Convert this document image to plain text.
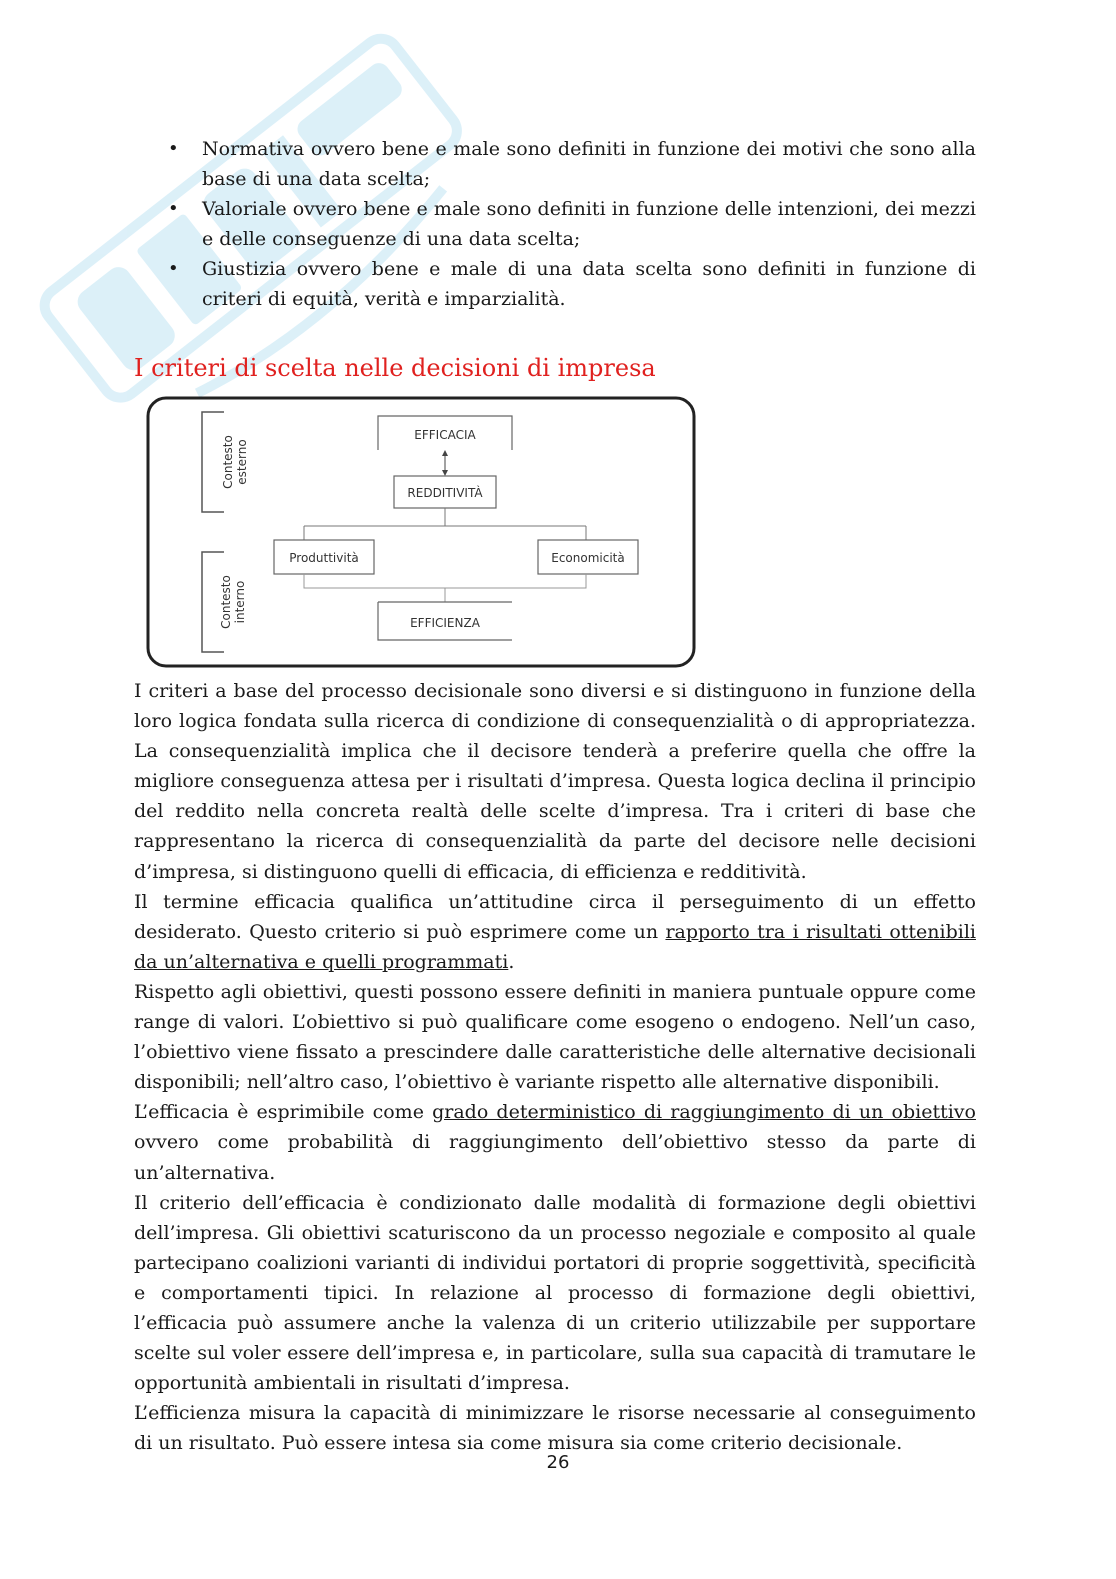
• Normativa ovvero bene e male sono definiti in funzione dei motivi che sono alla base di una data scelta;
• Valoriale ovvero bene e male sono definiti in funzione delle intenzioni, dei mezzi e delle conseguenze di una data scelta;
• Giustizia ovvero bene e male di una data scelta sono definiti in funzione di criteri di equità, verità e imparzialità.
I criteri di scelta nelle decisioni di impresa
Contesto esterno
Contesto interno
EFFICACIA
REDDITIVITÀ
Produttività	Economicità
EFFICIENZA

I criteri a base del processo decisionale sono diversi e si distinguono in funzione della loro logica fondata sulla ricerca di condizione di consequenzialità o di appropriatezza. La consequenzialità implica che il decisore tenderà a preferire quella che offre la migliore conseguenza attesa per i risultati d’impresa. Questa logica declina il principio del reddito nella concreta realtà delle scelte d’impresa. Tra i criteri di base che rappresentano la ricerca di consequenzialità da parte del decisore nelle decisioni d’impresa, si distinguono quelli di efficacia, di efficienza e redditività.

Il termine efficacia qualifica un’attitudine circa il perseguimento di un effetto desiderato. Questo criterio si può esprimere come un rapporto tra i risultati ottenibili da un’alternativa e quelli programmati.

Rispetto agli obiettivi, questi possono essere definiti in maniera puntuale oppure come range di valori. L’obiettivo si può qualificare come esogeno o endogeno. Nell’un caso, l’obiettivo viene fissato a prescindere dalle caratteristiche delle alternative decisionali disponibili; nell’altro caso, l’obiettivo è variante rispetto alle alternative disponibili.

L’efficacia è esprimibile come grado deterministico di raggiungimento di un obiettivo ovvero come probabilità di raggiungimento dell’obiettivo stesso da parte di un’alternativa.

Il criterio dell’efficacia è condizionato dalle modalità di formazione degli obiettivi dell’impresa. Gli obiettivi scaturiscono da un processo negoziale e composito al quale partecipano coalizioni varianti di individui portatori di proprie soggettività, specificità e comportamenti tipici. In relazione al processo di formazione degli obiettivi, l’efficacia può assumere anche la valenza di un criterio utilizzabile per supportare scelte sul voler essere dell’impresa e, in particolare, sulla sua capacità di tramutare le opportunità ambientali in risultati d’impresa.

L’efficienza misura la capacità di minimizzare le risorse necessarie al conseguimento di un risultato. Può essere intesa sia come misura sia come criterio decisionale.

26
